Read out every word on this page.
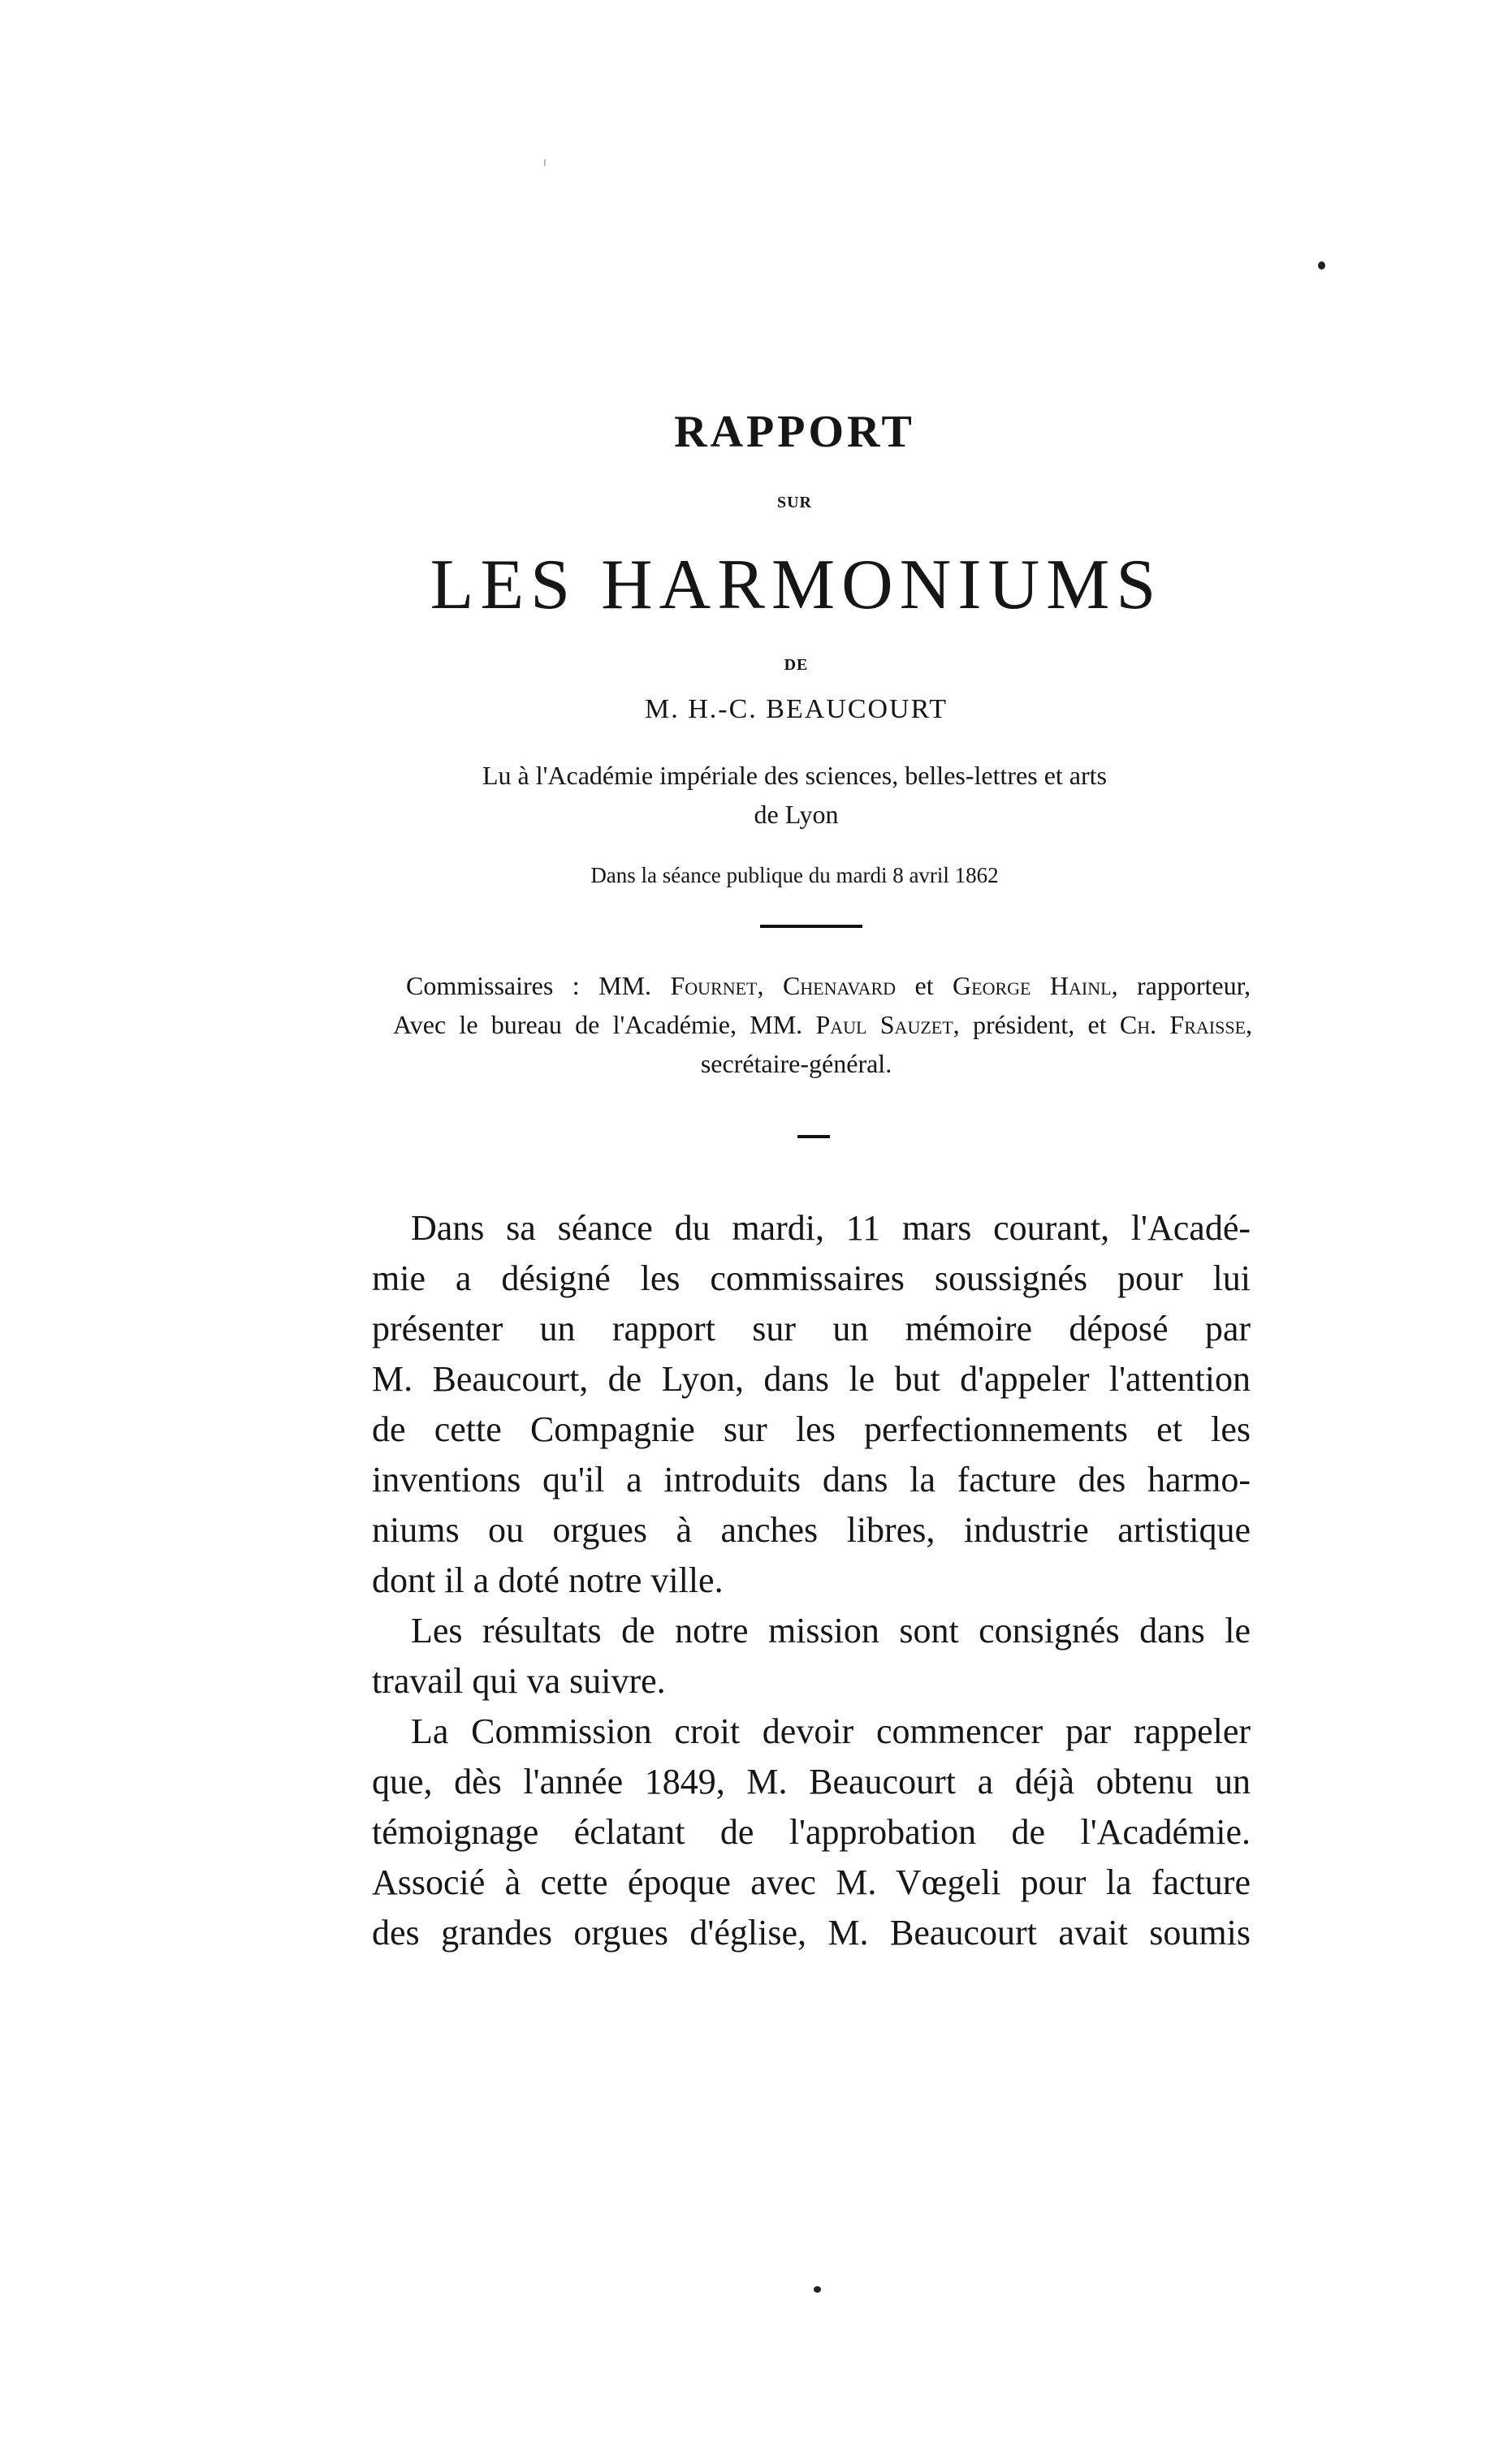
RAPPORT
SUR
LES HARMONIUMS
DE
M. H.-C. BEAUCOURT
Lu à l'Académie impériale des sciences, belles-lettres et arts
de Lyon
Dans la séance publique du mardi 8 avril 1862
Commissaires : MM. Fournet, Chenavard et George Hainl, rapporteur,
Avec le bureau de l'Académie, MM. Paul Sauzet, président, et Ch. Fraisse,
secrétaire-général.
Dans sa séance du mardi, 11 mars courant, l'Acadé-
mie a désigné les commissaires soussignés pour lui
présenter un rapport sur un mémoire déposé par
M. Beaucourt, de Lyon, dans le but d'appeler l'attention
de cette Compagnie sur les perfectionnements et les
inventions qu'il a introduits dans la facture des harmo-
niums ou orgues à anches libres, industrie artistique
dont il a doté notre ville.
Les résultats de notre mission sont consignés dans le
travail qui va suivre.
La Commission croit devoir commencer par rappeler
que, dès l'année 1849, M. Beaucourt a déjà obtenu un
témoignage éclatant de l'approbation de l'Académie.
Associé à cette époque avec M. Vœgeli pour la facture
des grandes orgues d'église, M. Beaucourt avait soumis
